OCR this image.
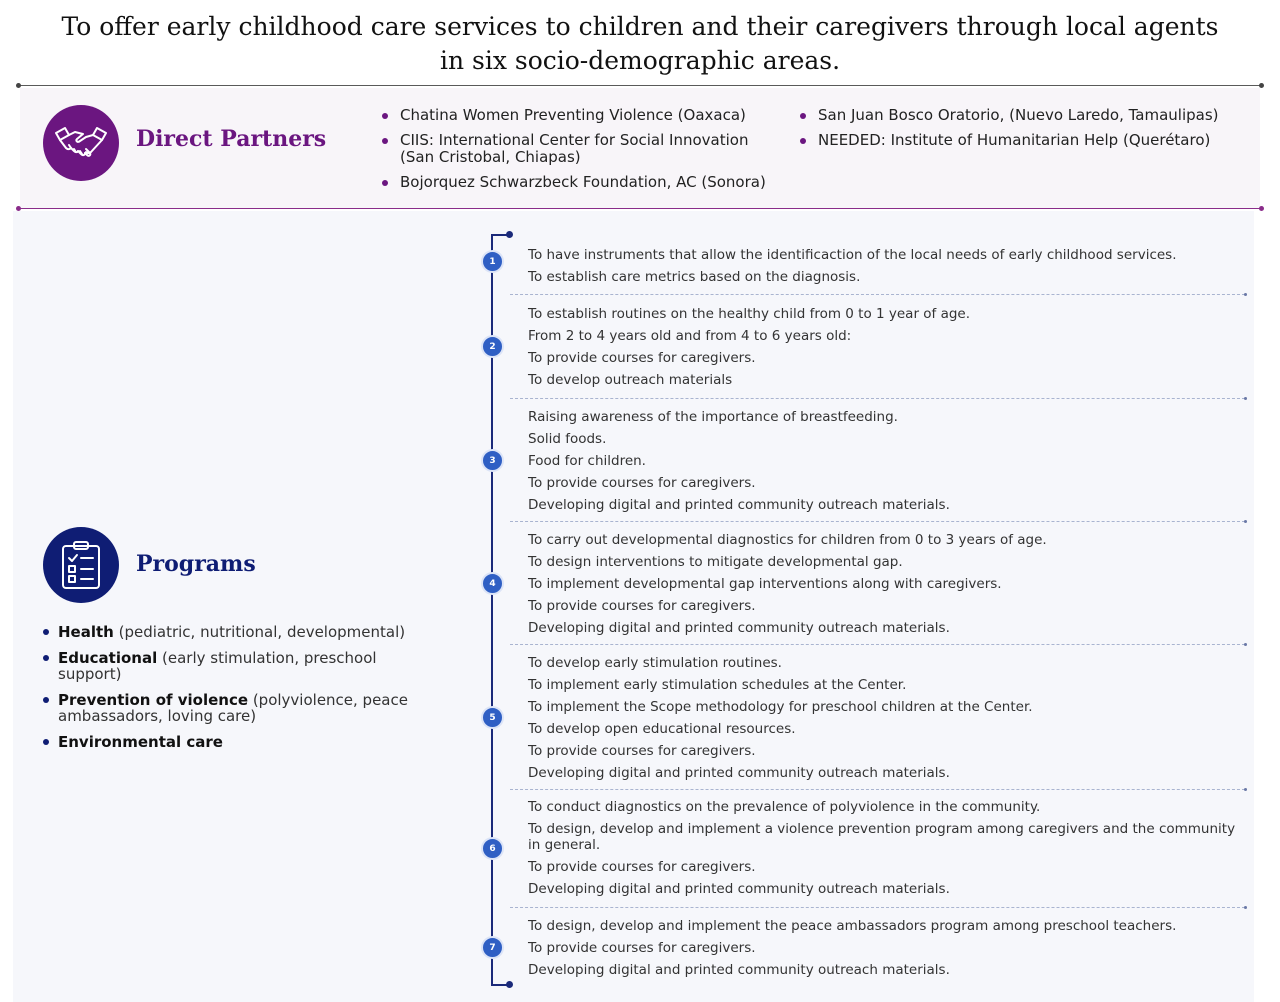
To offer early childhood care services to children and their caregivers through local agents
in six socio-demographic areas.
Direct Partners
Chatina Women Preventing Violence (Oaxaca)
CIIS: International Center for Social Innovation (San Cristobal, Chiapas)
Bojorquez Schwarzbeck Foundation, AC (Sonora)
San Juan Bosco Oratorio, (Nuevo Laredo, Tamaulipas)
NEEDED: Institute of Humanitarian Help (Querétaro)
Programs
Health (pediatric, nutritional, developmental)
Educational (early stimulation, preschool support)
Prevention of violence (polyviolence, peace ambassadors, loving care)
Environmental care
1	To have instruments that allow the identificaction of the local needs of early childhood services.
To establish care metrics based on the diagnosis.
2
To establish routines on the healthy child from 0 to 1 year of age.
From 2 to 4 years old and from 4 to 6 years old:
To provide courses for caregivers.
To develop outreach materials
3
Raising awareness of the importance of breastfeeding.
Solid foods.
Food for children.
To provide courses for caregivers.
Developing digital and printed community outreach materials.
4
To carry out developmental diagnostics for children from 0 to 3 years of age.
To design interventions to mitigate developmental gap.
To implement developmental gap interventions along with caregivers.
To provide courses for caregivers.
Developing digital and printed community outreach materials.
5
To develop early stimulation routines.
To implement early stimulation schedules at the Center.
To implement the Scope methodology for preschool children at the Center.
To develop open educational resources.
To provide courses for caregivers.
Developing digital and printed community outreach materials.
6
To conduct diagnostics on the prevalence of polyviolence in the community.
To design, develop and implement a violence prevention program among caregivers and the community in general.
To provide courses for caregivers.
Developing digital and printed community outreach materials.
7
To design, develop and implement the peace ambassadors program among preschool teachers.
To provide courses for caregivers.
Developing digital and printed community outreach materials.
